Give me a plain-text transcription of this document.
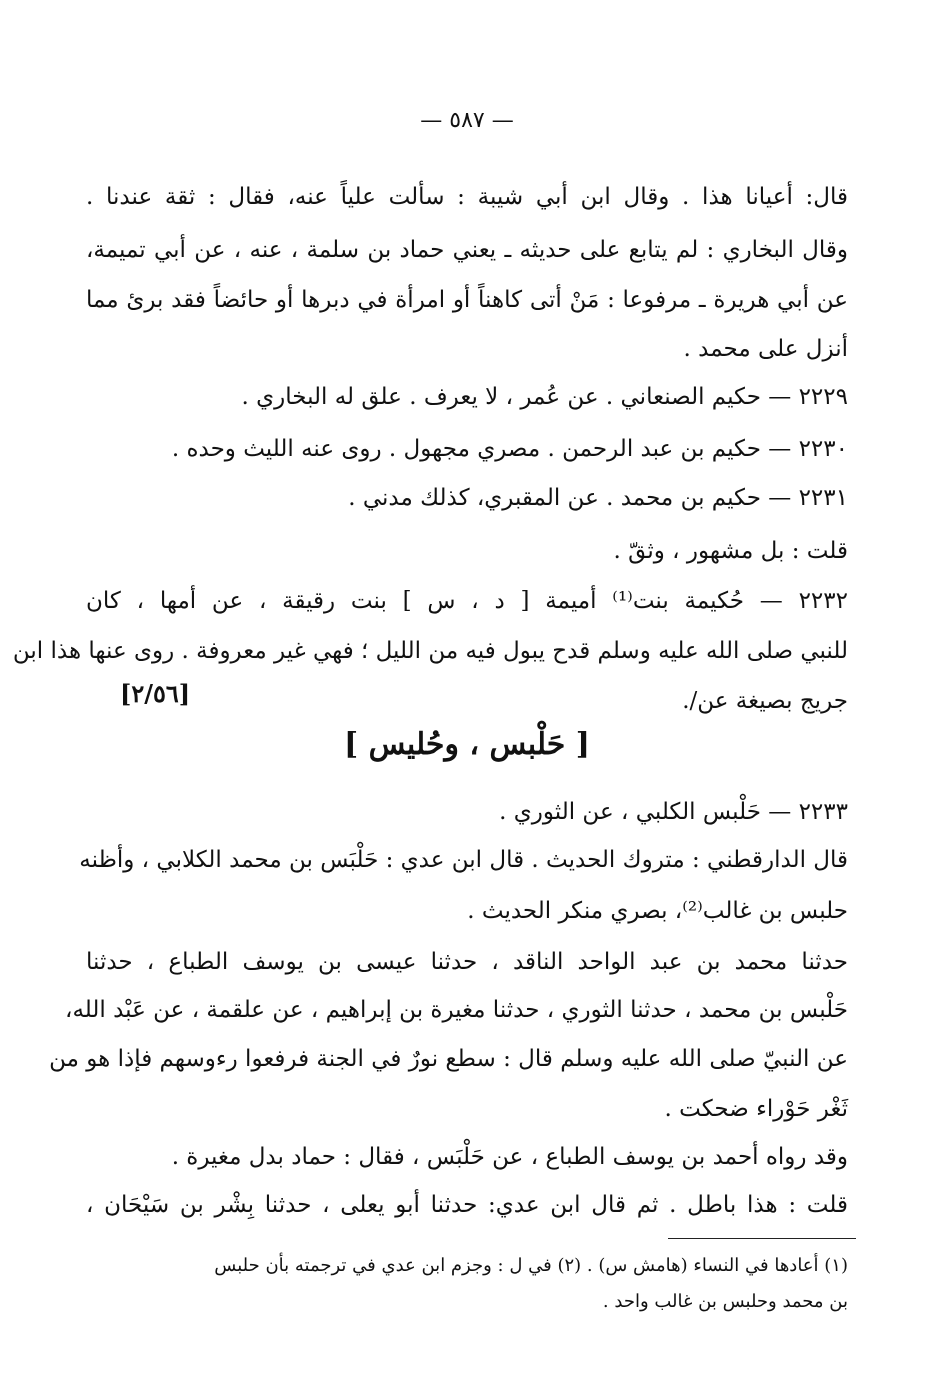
— ٥٨٧ —
قال: أعيانا هذا . وقال ابن أبي شيبة : سألت علياً عنه، فقال : ثقة عندنا .
وقال البخاري : لم يتابع على حديثه ـ يعني حماد بن سلمة ، عنه ، عن أبي تميمة،
عن أبي هريرة ـ مرفوعا : مَنْ أتى كاهناً أو امرأة في دبرها أو حائضاً فقد برئ مما
أنزل على محمد .
٢٢٢٩ — حكيم الصنعاني . عن عُمر ، لا يعرف . علق له البخاري .
٢٢٣٠ — حكيم بن عبد الرحمن . مصري مجهول . روى عنه الليث وحده .
٢٢٣١ — حكيم بن محمد . عن المقبري، كذلك مدني .
قلت : بل مشهور ، وثقّ .
٢٢٣٢ — حُكيمة بنت⁽¹⁾ أميمة [ د ، س ] بنت رقيقة ، عن أمها ، كان
للنبي صلى الله عليه وسلم قدح يبول فيه من الليل ؛ فهي غير معروفة . روى عنها هذا ابن
جريج بصيغة عن/.
[٢/٥٦]
[ حَلْبس ، وحُليس ]
٢٢٣٣ — حَلْبس الكلبي ، عن الثوري .
قال الدارقطني : متروك الحديث . قال ابن عدي : حَلْبَس بن محمد الكلابي ، وأظنه
حلبس بن غالب⁽²⁾، بصري منكر الحديث .
حدثنا محمد بن عبد الواحد الناقد ، حدثنا عيسى بن يوسف الطباع ، حدثنا
حَلْبس بن محمد ، حدثنا الثوري ، حدثنا مغيرة بن إبراهيم ، عن علقمة ، عن عَبْد الله،
عن النبيّ صلى الله عليه وسلم قال : سطع نورٌ في الجنة فرفعوا رءوسهم فإذا هو من
ثَغْر حَوْراء ضحكت .
وقد رواه أحمد بن يوسف الطباع ، عن حَلْبَس ، فقال : حماد بدل مغيرة .
قلت : هذا باطل . ثم قال ابن عدي: حدثنا أبو يعلى ، حدثنا بِشْر بن سَيْحَان ،
(١) أعادها في النساء (هامش س) . (٢) في ل : وجزم ابن عدي في ترجمته بأن حلبس
بن محمد وحلبس بن غالب واحد .
